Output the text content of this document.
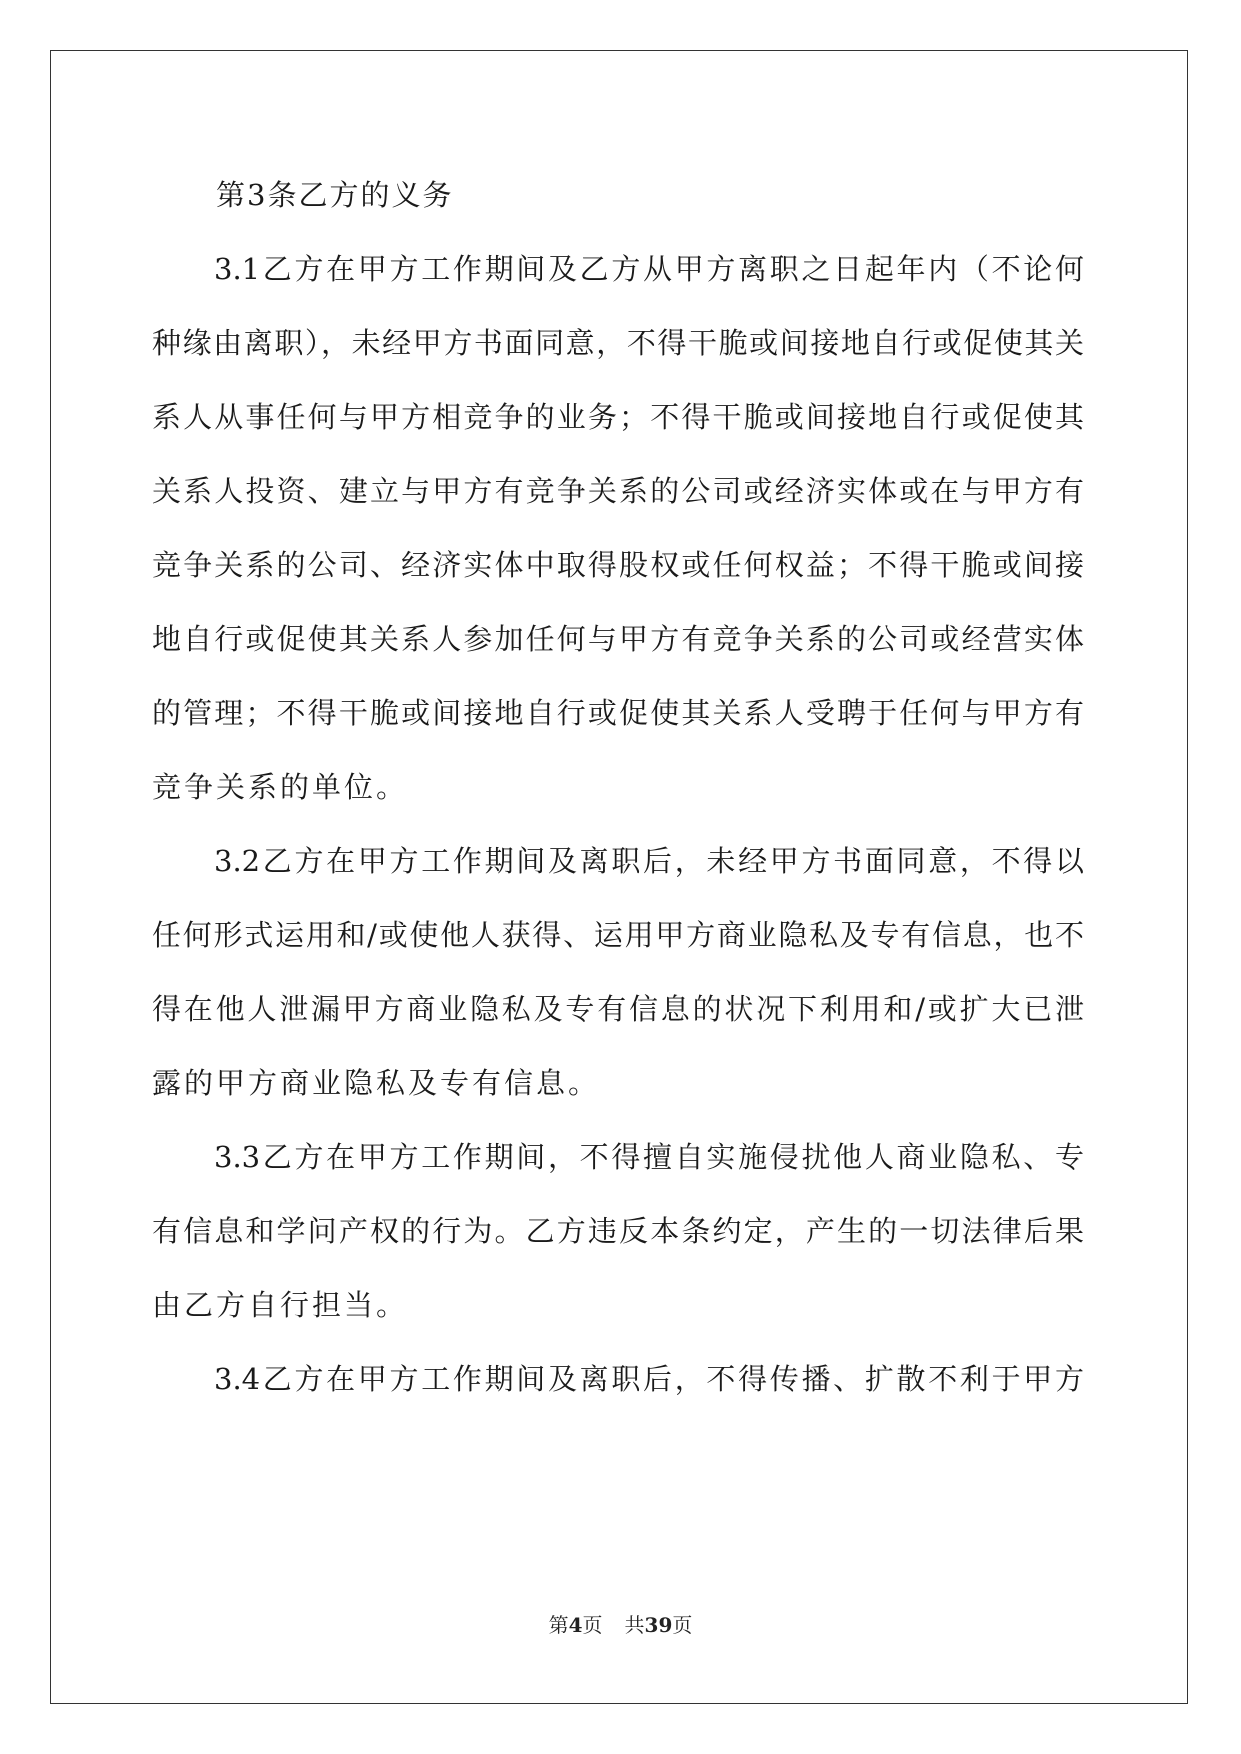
第3条乙方的义务

3.1乙方在甲方工作期间及乙方从甲方离职之日起年内（不论何

种缘由离职），未经甲方书面同意，不得干脆或间接地自行或促使其关

系人从事任何与甲方相竞争的业务；不得干脆或间接地自行或促使其

关系人投资、建立与甲方有竞争关系的公司或经济实体或在与甲方有

竞争关系的公司、经济实体中取得股权或任何权益；不得干脆或间接

地自行或促使其关系人参加任何与甲方有竞争关系的公司或经营实体

的管理；不得干脆或间接地自行或促使其关系人受聘于任何与甲方有

竞争关系的单位。

3.2乙方在甲方工作期间及离职后，未经甲方书面同意，不得以

任何形式运用和/或使他人获得、运用甲方商业隐私及专有信息，也不

得在他人泄漏甲方商业隐私及专有信息的状况下利用和/或扩大已泄

露的甲方商业隐私及专有信息。

3.3乙方在甲方工作期间，不得擅自实施侵扰他人商业隐私、专

有信息和学问产权的行为。乙方违反本条约定，产生的一切法律后果

由乙方自行担当。

3.4乙方在甲方工作期间及离职后，不得传播、扩散不利于甲方

第4页 共39页
